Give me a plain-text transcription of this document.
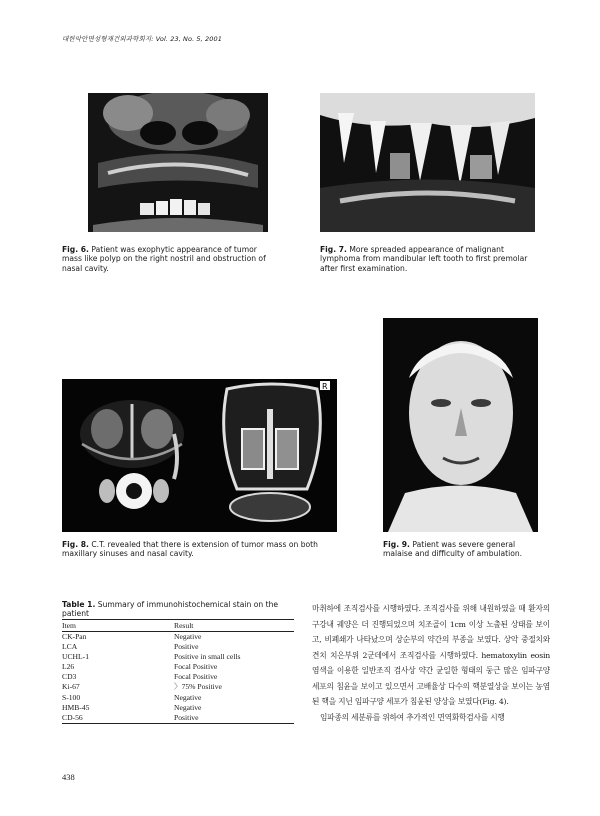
대한악안면성형재건외과학회지: Vol. 23, No. 5, 2001
Fig. 6. Patient was exophytic appearance of tumor mass like polyp on the right nostril and obstruction of nasal cavity.
Fig. 7. More spreaded appearance of malignant lymphoma from mandibular left tooth to first premolar after first examination.
R
Fig. 8. C.T. revealed that there is extension of tumor mass on both maxillary sinuses and nasal cavity.
Fig. 9. Patient was severe general malaise and difficulty of ambulation.
Table 1. Summary of immunohistochemical stain on the patient
Item	Result
CK-Pan	Negative
LCA	Positive
UCHL-1	Positive in small cells
L26	Focal Positive
CD3	Focal Positive
Ki-67	〉75% Positive
S-100	Negative
HMB-45	Negative
CD-56	Positive

마취하에 조직검사를 시행하였다. 조직검사를 위해 내원하였을 때 환자의 구강내 궤양은 더 진행되었으며 치조골이 1cm 이상 노출된 상태를 보이고, 비폐쇄가 나타났으며 상순부의 약간의 부종을 보였다. 상악 중절치와 견치 치은부위 2군데에서 조직검사를 시행하였다. hematoxylin eosin 염색을 이용한 일반조직 검사상 약간 균일한 형태의 둥근 많은 임파구양 세포의 침윤을 보이고 있으면서 고배율상 다수의 핵분열상을 보이는 농염된 핵을 지닌 임파구양 세포가 침윤된 양상을 보였다(Fig. 4).

임파종의 세분류를 위하여 추가적인 면역화학검사를 시행

438
